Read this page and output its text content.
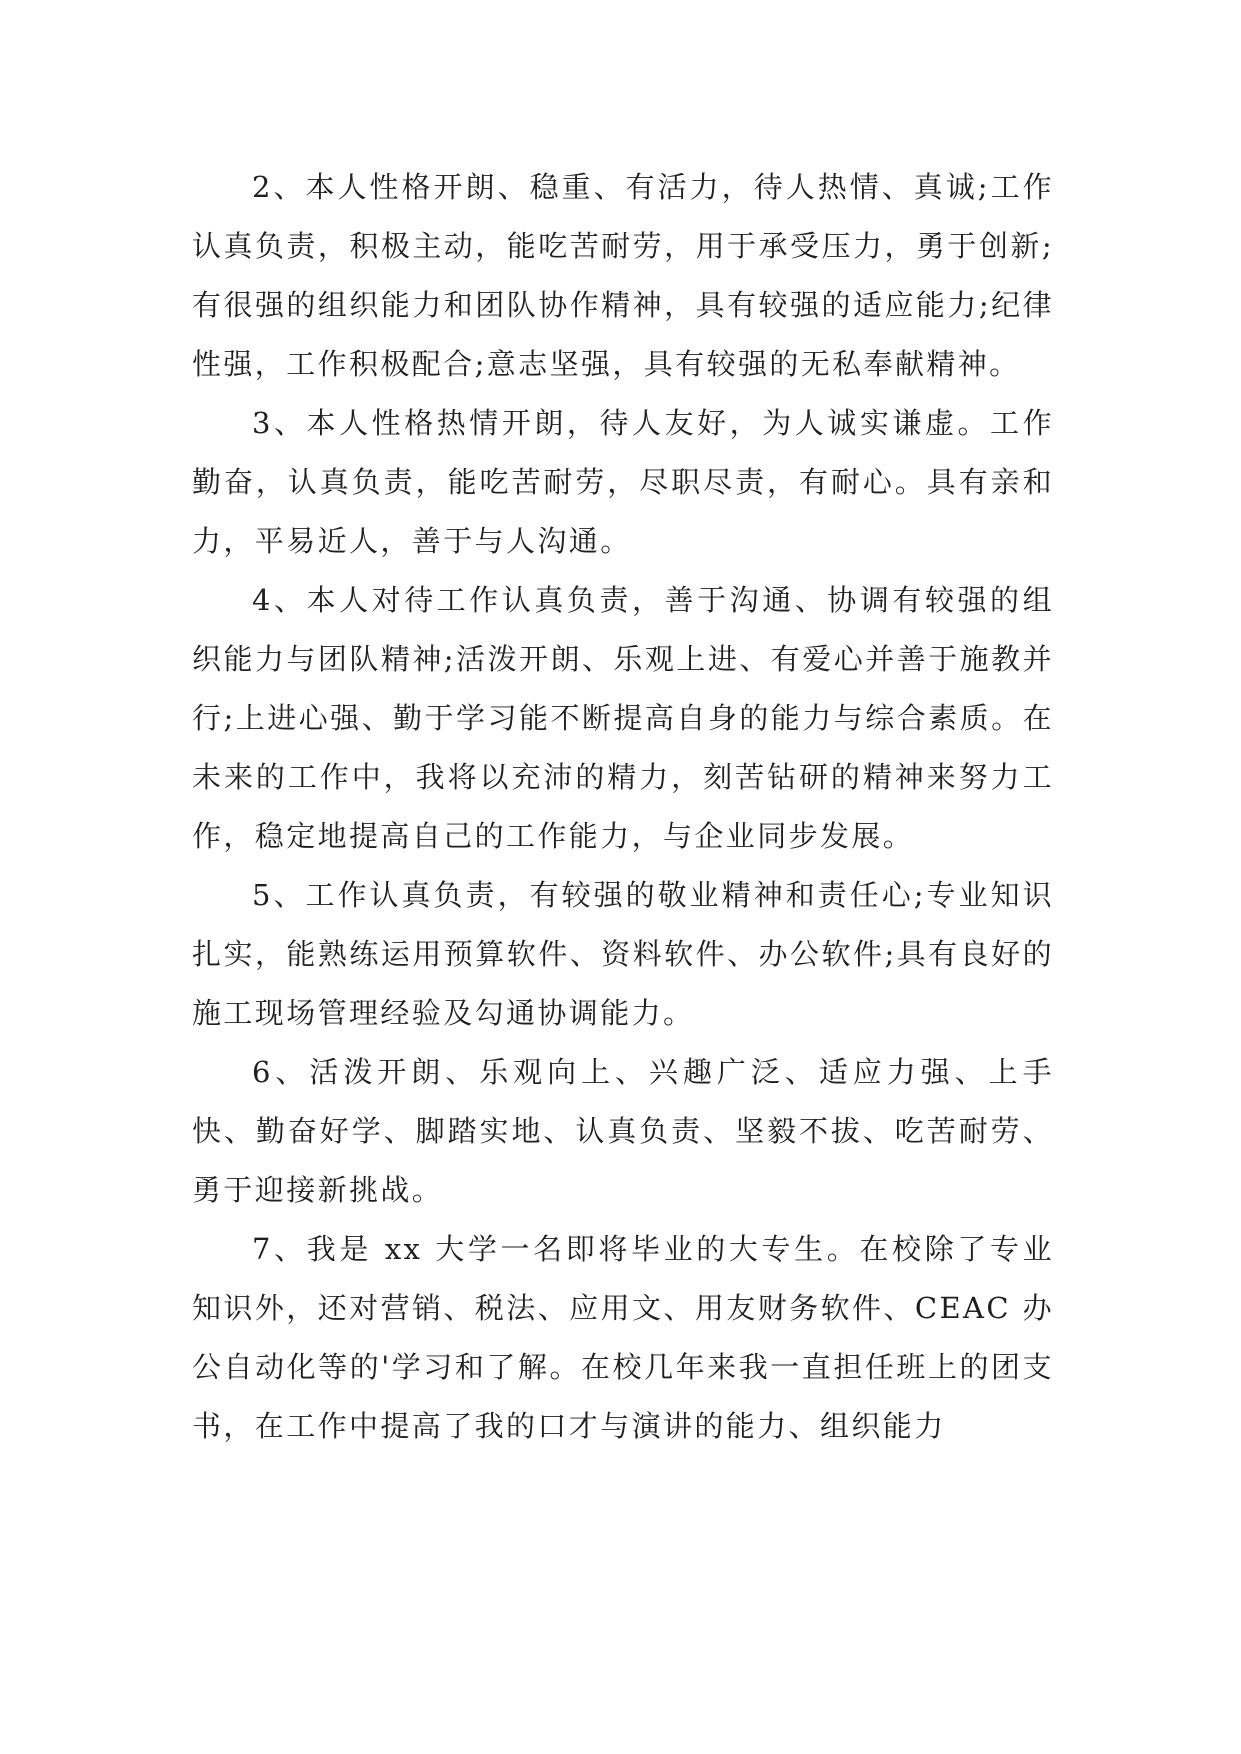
2、本人性格开朗、稳重、有活力，待人热情、真诚;工作认真负责，积极主动，能吃苦耐劳，用于承受压力，勇于创新;有很强的组织能力和团队协作精神，具有较强的适应能力;纪律性强，工作积极配合;意志坚强，具有较强的无私奉献精神。

3、本人性格热情开朗，待人友好，为人诚实谦虚。工作勤奋，认真负责，能吃苦耐劳，尽职尽责，有耐心。具有亲和力，平易近人，善于与人沟通。

4、本人对待工作认真负责，善于沟通、协调有较强的组织能力与团队精神;活泼开朗、乐观上进、有爱心并善于施教并行;上进心强、勤于学习能不断提高自身的能力与综合素质。在未来的工作中，我将以充沛的精力，刻苦钻研的精神来努力工作，稳定地提高自己的工作能力，与企业同步发展。

5、工作认真负责，有较强的敬业精神和责任心;专业知识扎实，能熟练运用预算软件、资料软件、办公软件;具有良好的施工现场管理经验及勾通协调能力。

6、活泼开朗、乐观向上、兴趣广泛、适应力强、上手快、勤奋好学、脚踏实地、认真负责、坚毅不拔、吃苦耐劳、勇于迎接新挑战。

7、我是 xx 大学一名即将毕业的大专生。在校除了专业知识外，还对营销、税法、应用文、用友财务软件、CEAC 办公自动化等的'学习和了解。在校几年来我一直担任班上的团支书，在工作中提高了我的口才与演讲的能力、组织能力
